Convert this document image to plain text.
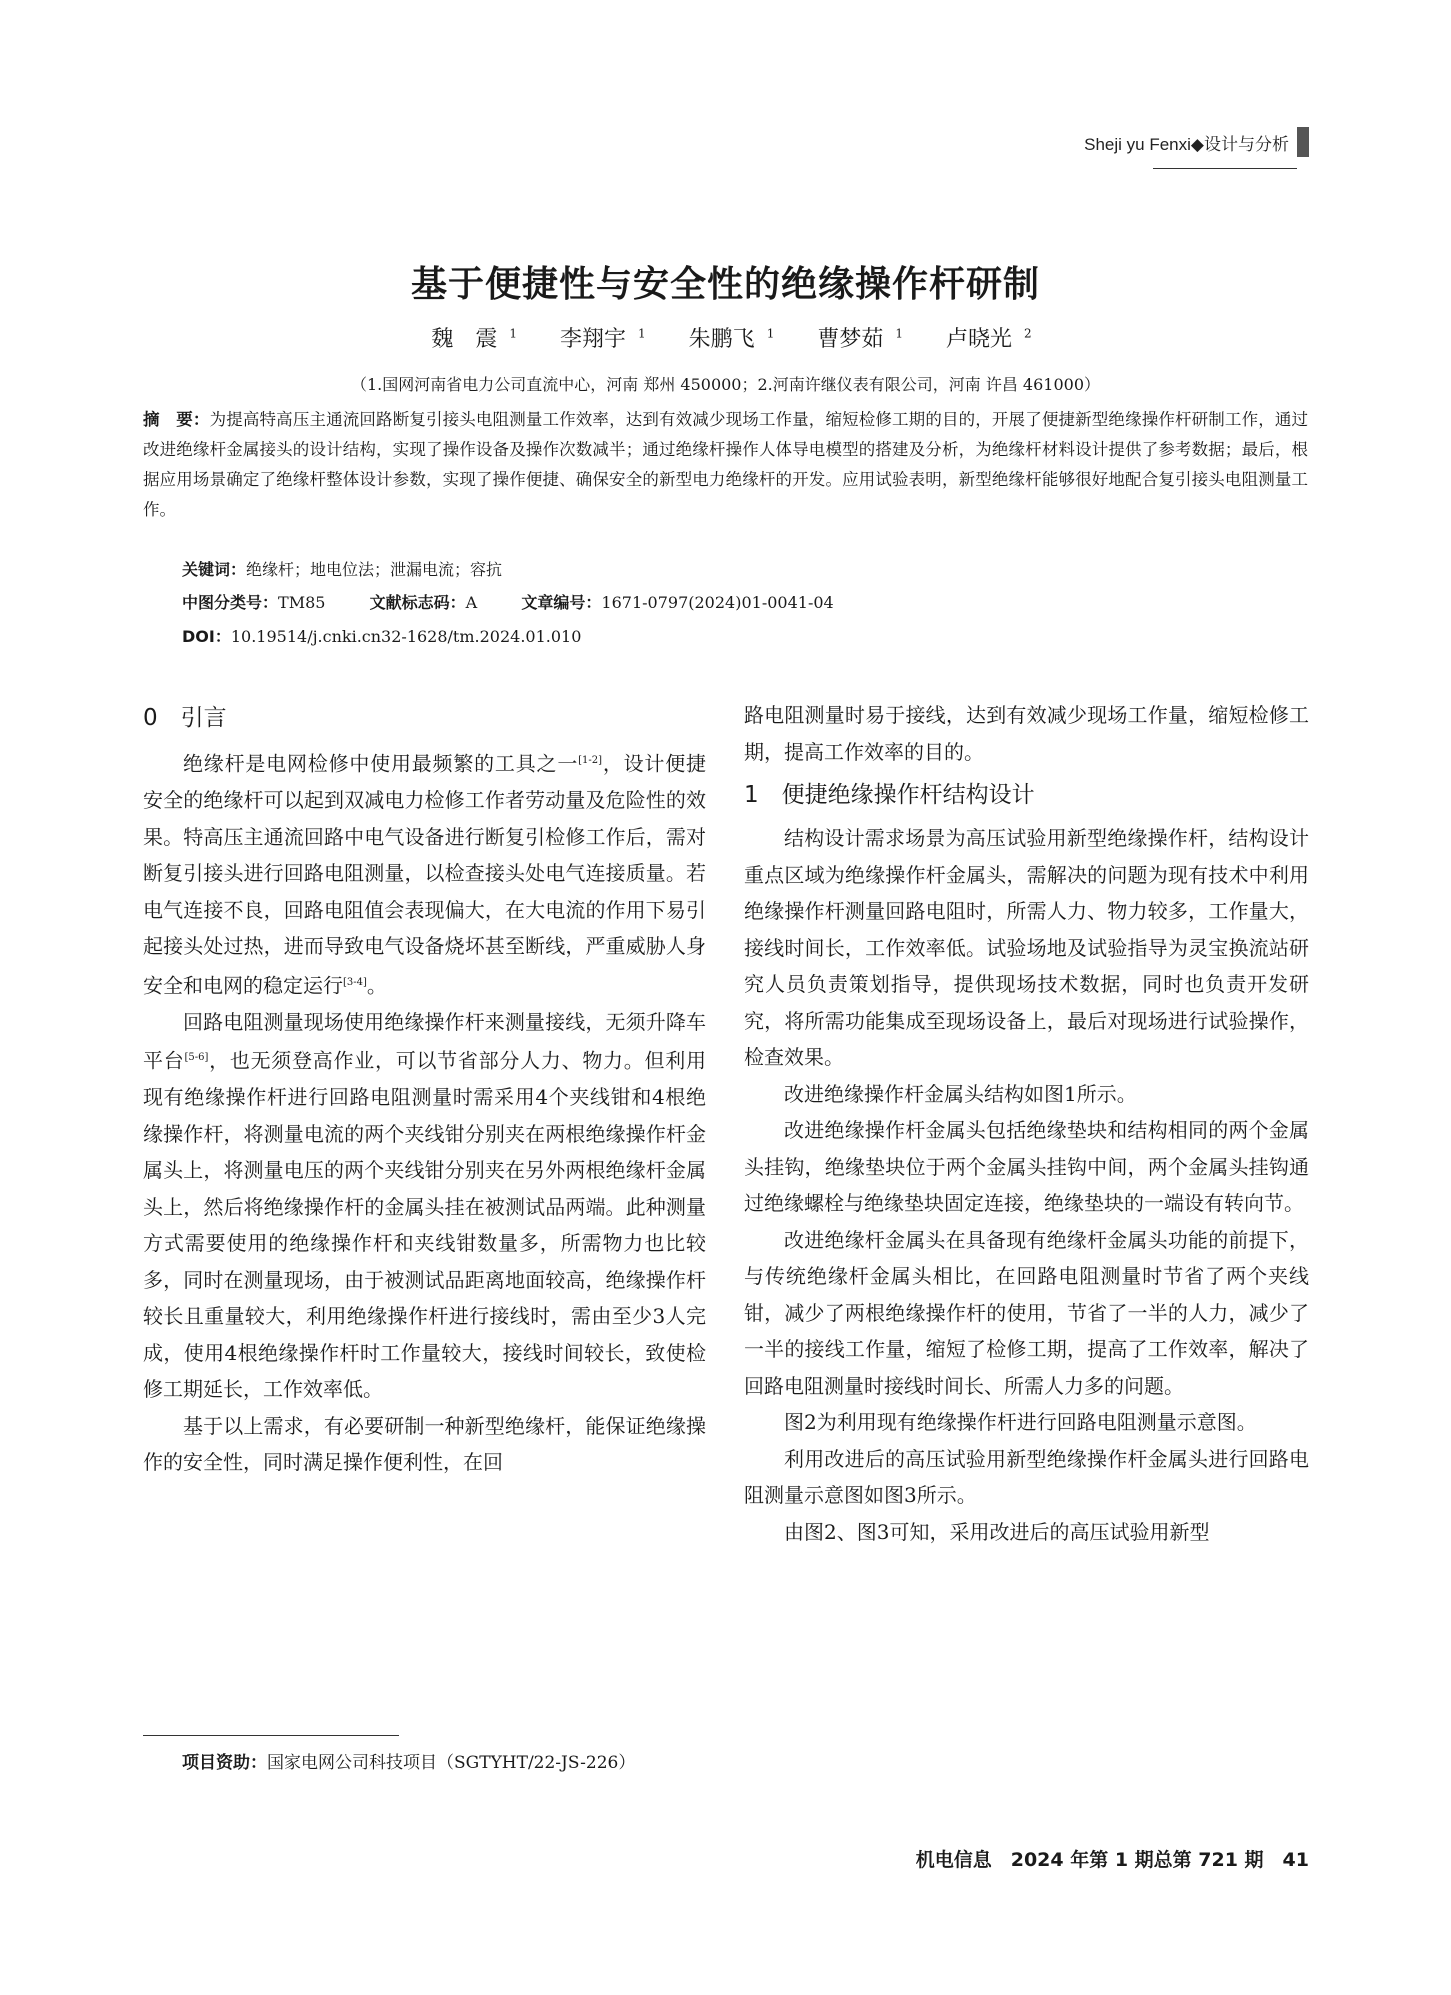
Sheji yu Fenxi◆设计与分析
基于便捷性与安全性的绝缘操作杆研制
魏　震 $^1$ 李翔宇 $^1$ 朱鹏飞 $^1$ 曹梦茹 $^1$ 卢晓光 $^2$
（1.国网河南省电力公司直流中心，河南 郑州 450000；2.河南许继仪表有限公司，河南 许昌 461000）
摘　要：为提高特高压主通流回路断复引接头电阻测量工作效率，达到有效减少现场工作量，缩短检修工期的目的，开展了便捷新型绝缘操作杆研制工作，通过改进绝缘杆金属接头的设计结构，实现了操作设备及操作次数减半；通过绝缘杆操作人体导电模型的搭建及分析，为绝缘杆材料设计提供了参考数据；最后，根据应用场景确定了绝缘杆整体设计参数，实现了操作便捷、确保安全的新型电力绝缘杆的开发。应用试验表明，新型绝缘杆能够很好地配合复引接头电阻测量工作。
关键词：绝缘杆；地电位法；泄漏电流；容抗
中图分类号：TM85	文献标志码：A	文章编号：1671-0797(2024)01-0041-04
DOI：10.19514/j.cnki.cn32-1628/tm.2024.01.010
0　引言

绝缘杆是电网检修中使用最频繁的工具之一[1-2]，设计便捷安全的绝缘杆可以起到双减电力检修工作者劳动量及危险性的效果。特高压主通流回路中电气设备进行断复引检修工作后，需对断复引接头进行回路电阻测量，以检查接头处电气连接质量。若电气连接不良，回路电阻值会表现偏大，在大电流的作用下易引起接头处过热，进而导致电气设备烧坏甚至断线，严重威胁人身安全和电网的稳定运行[3-4]。

回路电阻测量现场使用绝缘操作杆来测量接线，无须升降车平台[5-6]，也无须登高作业，可以节省部分人力、物力。但利用现有绝缘操作杆进行回路电阻测量时需采用4个夹线钳和4根绝缘操作杆，将测量电流的两个夹线钳分别夹在两根绝缘操作杆金属头上，将测量电压的两个夹线钳分别夹在另外两根绝缘杆金属头上，然后将绝缘操作杆的金属头挂在被测试品两端。此种测量方式需要使用的绝缘操作杆和夹线钳数量多，所需物力也比较多，同时在测量现场，由于被测试品距离地面较高，绝缘操作杆较长且重量较大，利用绝缘操作杆进行接线时，需由至少3人完成，使用4根绝缘操作杆时工作量较大，接线时间较长，致使检修工期延长，工作效率低。

基于以上需求，有必要研制一种新型绝缘杆，能保证绝缘操作的安全性，同时满足操作便利性，在回

路电阻测量时易于接线，达到有效减少现场工作量，缩短检修工期，提高工作效率的目的。

1　便捷绝缘操作杆结构设计

结构设计需求场景为高压试验用新型绝缘操作杆，结构设计重点区域为绝缘操作杆金属头，需解决的问题为现有技术中利用绝缘操作杆测量回路电阻时，所需人力、物力较多，工作量大，接线时间长，工作效率低。试验场地及试验指导为灵宝换流站研究人员负责策划指导，提供现场技术数据，同时也负责开发研究，将所需功能集成至现场设备上，最后对现场进行试验操作，检查效果。

改进绝缘操作杆金属头结构如图1所示。

改进绝缘操作杆金属头包括绝缘垫块和结构相同的两个金属头挂钩，绝缘垫块位于两个金属头挂钩中间，两个金属头挂钩通过绝缘螺栓与绝缘垫块固定连接，绝缘垫块的一端设有转向节。

改进绝缘杆金属头在具备现有绝缘杆金属头功能的前提下，与传统绝缘杆金属头相比，在回路电阻测量时节省了两个夹线钳，减少了两根绝缘操作杆的使用，节省了一半的人力，减少了一半的接线工作量，缩短了检修工期，提高了工作效率，解决了回路电阻测量时接线时间长、所需人力多的问题。

图2为利用现有绝缘操作杆进行回路电阻测量示意图。

利用改进后的高压试验用新型绝缘操作杆金属头进行回路电阻测量示意图如图3所示。

由图2、图3可知，采用改进后的高压试验用新型

项目资助：国家电网公司科技项目（SGTYHT/22-JS-226）
机电信息　2024 年第 1 期总第 721 期　41
